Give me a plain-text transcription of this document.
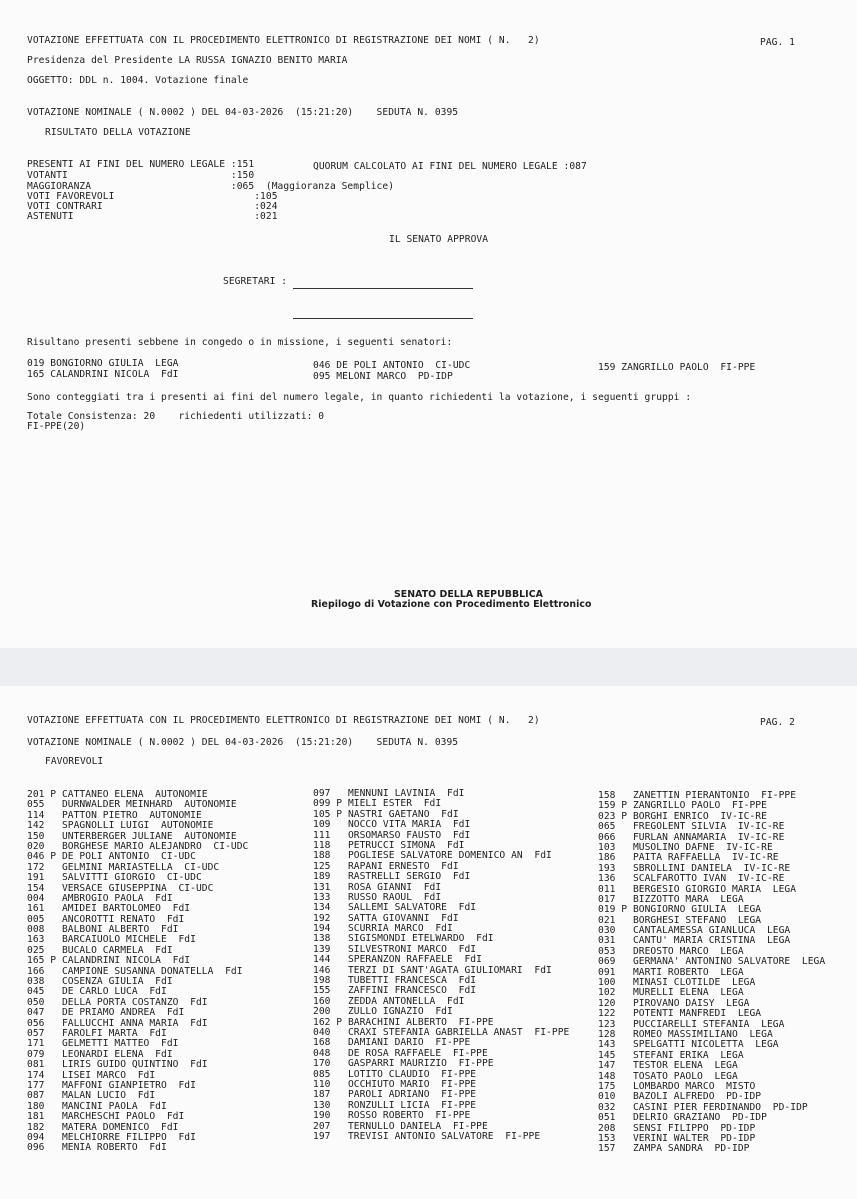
VOTAZIONE EFFETTUATA CON IL PROCEDIMENTO ELETTRONICO DI REGISTRAZIONE DEI NOMI ( N.   2)	PAG. 1
Presidenza del Presidente LA RUSSA IGNAZIO BENITO MARIA
OGGETTO: DDL n. 1004. Votazione finale
VOTAZIONE NOMINALE ( N.0002 ) DEL 04-03-2026  (15:21:20)    SEDUTA N. 0395
RISULTATO DELLA VOTAZIONE
PRESENTI AI FINI DEL NUMERO LEGALE :151	QUORUM CALCOLATO AI FINI DEL NUMERO LEGALE :087
VOTANTI                            :150
MAGGIORANZA                        :065  (Maggioranza Semplice)
VOTI FAVOREVOLI                        :105
VOTI CONTRARI                          :024
ASTENUTI                               :021
IL SENATO APPROVA
SEGRETARI :
Risultano presenti sebbene in congedo o in missione, i seguenti senatori:
019 BONGIORNO GIULIA  LEGA
165 CALANDRINI NICOLA  FdI
046 DE POLI ANTONIO  CI-UDC
095 MELONI MARCO  PD-IDP
159 ZANGRILLO PAOLO  FI-PPE
Sono conteggiati tra i presenti ai fini del numero legale, in quanto richiedenti la votazione, i seguenti gruppi :
Totale Consistenza: 20    richiedenti utilizzati: 0
FI-PPE(20)
SENATO DELLA REPUBBLICA
Riepilogo di Votazione con Procedimento Elettronico
VOTAZIONE EFFETTUATA CON IL PROCEDIMENTO ELETTRONICO DI REGISTRAZIONE DEI NOMI ( N.   2)	PAG. 2
VOTAZIONE NOMINALE ( N.0002 ) DEL 04-03-2026  (15:21:20)    SEDUTA N. 0395
FAVOREVOLI
201 P CATTANEO ELENA  AUTONOMIE
055   DURNWALDER MEINHARD  AUTONOMIE
114   PATTON PIETRO  AUTONOMIE
142   SPAGNOLLI LUIGI  AUTONOMIE
150   UNTERBERGER JULIANE  AUTONOMIE
020   BORGHESE MARIO ALEJANDRO  CI-UDC
046 P DE POLI ANTONIO  CI-UDC
172   GELMINI MARIASTELLA  CI-UDC
191   SALVITTI GIORGIO  CI-UDC
154   VERSACE GIUSEPPINA  CI-UDC
004   AMBROGIO PAOLA  FdI
161   AMIDEI BARTOLOMEO  FdI
005   ANCOROTTI RENATO  FdI
008   BALBONI ALBERTO  FdI
163   BARCAIUOLO MICHELE  FdI
025   BUCALO CARMELA  FdI
165 P CALANDRINI NICOLA  FdI
166   CAMPIONE SUSANNA DONATELLA  FdI
038   COSENZA GIULIA  FdI
045   DE CARLO LUCA  FdI
050   DELLA PORTA COSTANZO  FdI
047   DE PRIAMO ANDREA  FdI
056   FALLUCCHI ANNA MARIA  FdI
057   FAROLFI MARTA  FdI
171   GELMETTI MATTEO  FdI
079   LEONARDI ELENA  FdI
081   LIRIS GUIDO QUINTINO  FdI
174   LISEI MARCO  FdI
177   MAFFONI GIANPIETRO  FdI
087   MALAN LUCIO  FdI
180   MANCINI PAOLA  FdI
181   MARCHESCHI PAOLO  FdI
182   MATERA DOMENICO  FdI
094   MELCHIORRE FILIPPO  FdI
096   MENIA ROBERTO  FdI
097   MENNUNI LAVINIA  FdI
099 P MIELI ESTER  FdI
105 P NASTRI GAETANO  FdI
109   NOCCO VITA MARIA  FdI
111   ORSOMARSO FAUSTO  FdI
118   PETRUCCI SIMONA  FdI
188   POGLIESE SALVATORE DOMENICO AN  FdI
125   RAPANI ERNESTO  FdI
189   RASTRELLI SERGIO  FdI
131   ROSA GIANNI  FdI
133   RUSSO RAOUL  FdI
134   SALLEMI SALVATORE  FdI
192   SATTA GIOVANNI  FdI
194   SCURRIA MARCO  FdI
138   SIGISMONDI ETELWARDO  FdI
139   SILVESTRONI MARCO  FdI
144   SPERANZON RAFFAELE  FdI
146   TERZI DI SANT'AGATA GIULIOMARI  FdI
198   TUBETTI FRANCESCA  FdI
155   ZAFFINI FRANCESCO  FdI
160   ZEDDA ANTONELLA  FdI
200   ZULLO IGNAZIO  FdI
162 P BARACHINI ALBERTO  FI-PPE
040   CRAXI STEFANIA GABRIELLA ANAST  FI-PPE
168   DAMIANI DARIO  FI-PPE
048   DE ROSA RAFFAELE  FI-PPE
170   GASPARRI MAURIZIO  FI-PPE
085   LOTITO CLAUDIO  FI-PPE
110   OCCHIUTO MARIO  FI-PPE
187   PAROLI ADRIANO  FI-PPE
130   RONZULLI LICIA  FI-PPE
190   ROSSO ROBERTO  FI-PPE
207   TERNULLO DANIELA  FI-PPE
197   TREVISI ANTONIO SALVATORE  FI-PPE
158   ZANETTIN PIERANTONIO  FI-PPE
159 P ZANGRILLO PAOLO  FI-PPE
023 P BORGHI ENRICO  IV-IC-RE
065   FREGOLENT SILVIA  IV-IC-RE
066   FURLAN ANNAMARIA  IV-IC-RE
103   MUSOLINO DAFNE  IV-IC-RE
186   PAITA RAFFAELLA  IV-IC-RE
193   SBROLLINI DANIELA  IV-IC-RE
136   SCALFAROTTO IVAN  IV-IC-RE
011   BERGESIO GIORGIO MARIA  LEGA
017   BIZZOTTO MARA  LEGA
019 P BONGIORNO GIULIA  LEGA
021   BORGHESI STEFANO  LEGA
030   CANTALAMESSA GIANLUCA  LEGA
031   CANTU' MARIA CRISTINA  LEGA
053   DREOSTO MARCO  LEGA
069   GERMANA' ANTONINO SALVATORE  LEGA
091   MARTI ROBERTO  LEGA
100   MINASI CLOTILDE  LEGA
102   MURELLI ELENA  LEGA
120   PIROVANO DAISY  LEGA
122   POTENTI MANFREDI  LEGA
123   PUCCIARELLI STEFANIA  LEGA
128   ROMEO MASSIMILIANO  LEGA
143   SPELGATTI NICOLETTA  LEGA
145   STEFANI ERIKA  LEGA
147   TESTOR ELENA  LEGA
148   TOSATO PAOLO  LEGA
175   LOMBARDO MARCO  MISTO
010   BAZOLI ALFREDO  PD-IDP
032   CASINI PIER FERDINANDO  PD-IDP
051   DELRIO GRAZIANO  PD-IDP
208   SENSI FILIPPO  PD-IDP
153   VERINI WALTER  PD-IDP
157   ZAMPA SANDRA  PD-IDP
